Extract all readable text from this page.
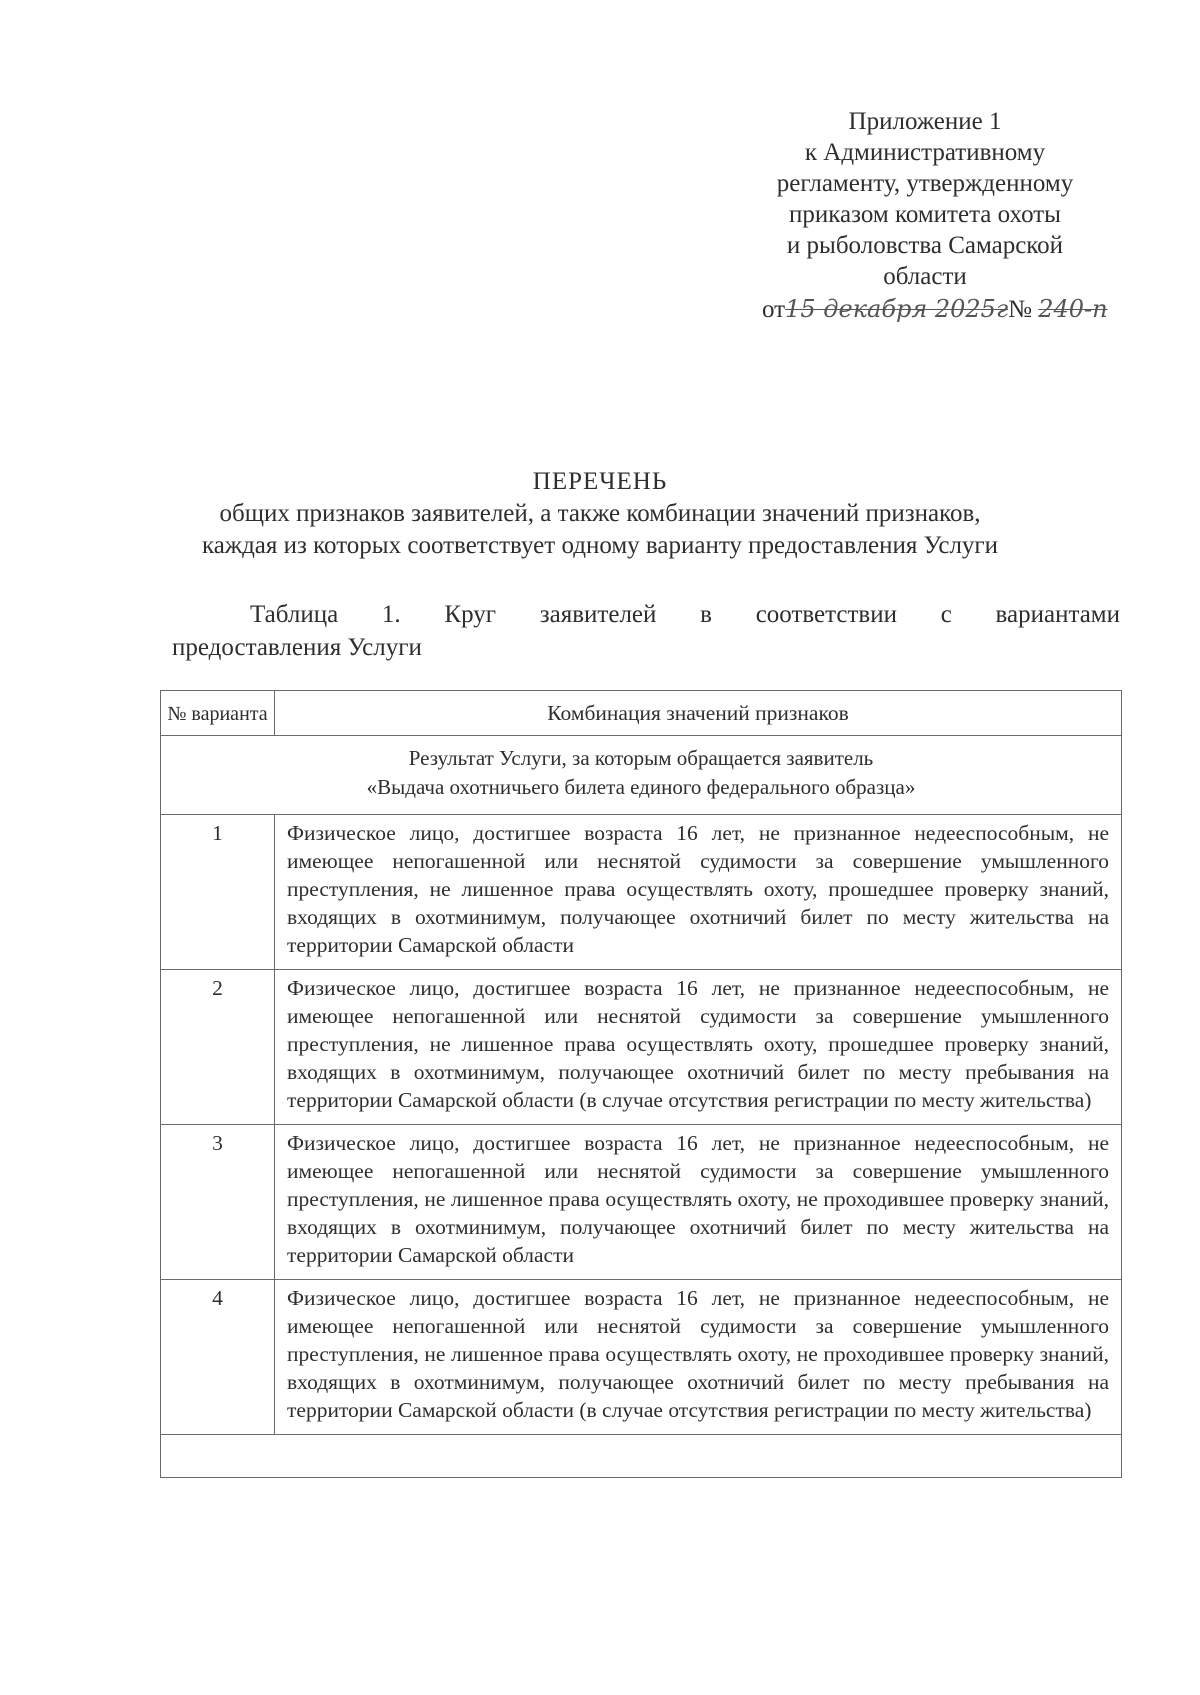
Приложение 1
к Административному
регламенту, утвержденному
приказом комитета охоты
и рыболовства Самарской
области
от15 декабря 2025г№ 240-п
ПЕРЕЧЕНЬ
общих признаков заявителей, а также комбинации значений признаков,
каждая из которых соответствует одному варианту предоставления Услуги
Таблица 1. Круг заявителей в соответствии с вариантами
предоставления Услуги
№ варианта	Комбинация значений признаков

Результат Услуги, за которым обращается заявитель
«Выдача охотничьего билета единого федерального образца»	

1	Физическое лицо, достигшее возраста 16 лет, не признанное недееспособным, не имеющее непогашенной или неснятой судимости за совершение умышленного преступления, не лишенное права осуществлять охоту, прошедшее проверку знаний, входящих в охотминимум, получающее охотничий билет по месту жительства на территории Самарской области
2	Физическое лицо, достигшее возраста 16 лет, не признанное недееспособным, не имеющее непогашенной или неснятой судимости за совершение умышленного преступления, не лишенное права осуществлять охоту, прошедшее проверку знаний, входящих в охотминимум, получающее охотничий билет по месту пребывания на территории Самарской области (в случае отсутствия регистрации по месту жительства)
3	Физическое лицо, достигшее возраста 16 лет, не признанное недееспособным, не имеющее непогашенной или неснятой судимости за совершение умышленного преступления, не лишенное права осуществлять охоту, не проходившее проверку знаний, входящих в охотминимум, получающее охотничий билет по месту жительства на территории Самарской области
4	Физическое лицо, достигшее возраста 16 лет, не признанное недееспособным, не имеющее непогашенной или неснятой судимости за совершение умышленного преступления, не лишенное права осуществлять охоту, не проходившее проверку знаний, входящих в охотминимум, получающее охотничий билет по месту пребывания на территории Самарской области (в случае отсутствия регистрации по месту жительства)
